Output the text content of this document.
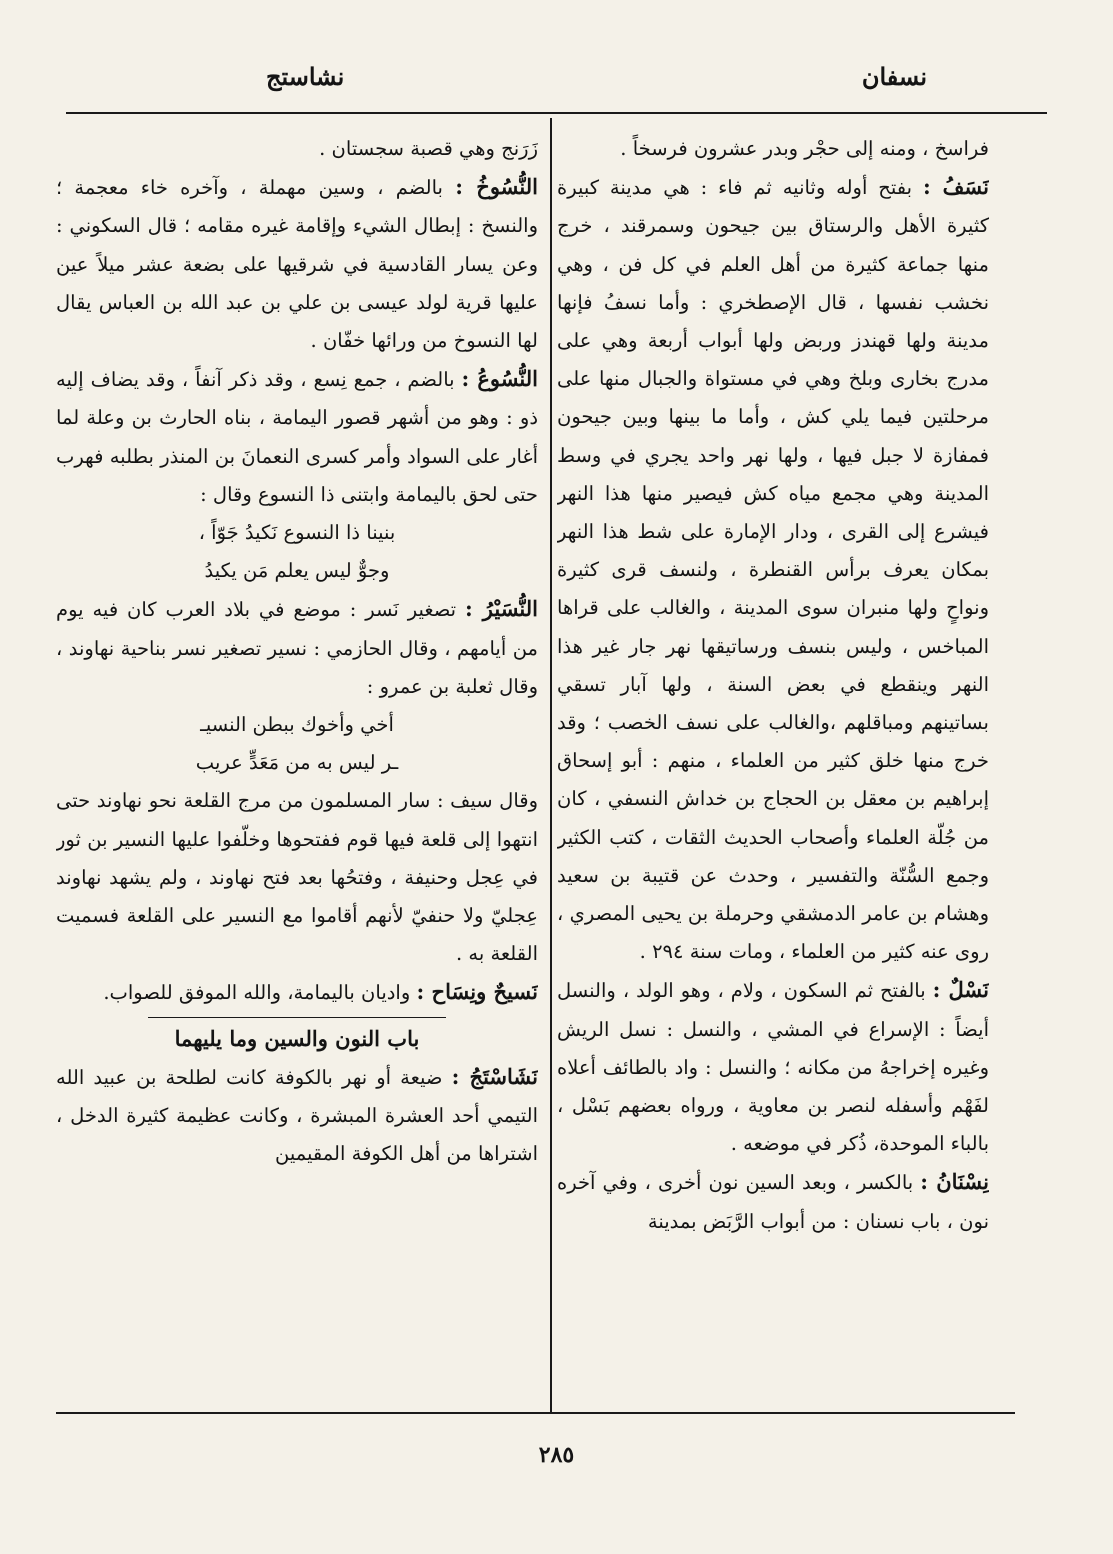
نسفان
نشاستج

فراسخ ، ومنه إلى حجْر وبدر عشرون فرسخاً .

نَسَفُ : بفتح أوله وثانيه ثم فاء : هي مدينة كبيرة كثيرة الأهل والرستاق بين جيحون وسمرقند ، خرج منها جماعة كثيرة من أهل العلم في كل فن ، وهي نخشب نفسها ، قال الإصطخري : وأما نسفُ فإنها مدينة ولها قهندز وربض ولها أبواب أربعة وهي على مدرج بخارى وبلخ وهي في مستواة والجبال منها على مرحلتين فيما يلي كش ، وأما ما بينها وبين جيحون فمفازة لا جبل فيها ، ولها نهر واحد يجري في وسط المدينة وهي مجمع مياه كش فيصير منها هذا النهر فيشرع إلى القرى ، ودار الإمارة على شط هذا النهر بمكان يعرف برأس القنطرة ، ولنسف قرى كثيرة ونواحٍ ولها منبران سوى المدينة ، والغالب على قراها المباخس ، وليس بنسف ورساتيقها نهر جار غير هذا النهر وينقطع في بعض السنة ، ولها آبار تسقي بساتينهم ومباقلهم ،والغالب على نسف الخصب ؛ وقد خرج منها خلق كثير من العلماء ، منهم : أبو إسحاق إبراهيم بن معقل بن الحجاج بن خداش النسفي ، كان من جُلّة العلماء وأصحاب الحديث الثقات ، كتب الكثير وجمع السُّنّة والتفسير ، وحدث عن قتيبة بن سعيد وهشام بن عامر الدمشقي وحرملة بن يحيى المصري ، روى عنه كثير من العلماء ، ومات سنة ٢٩٤ .

نَسْلٌ : بالفتح ثم السكون ، ولام ، وهو الولد ، والنسل أيضاً : الإسراع في المشي ، والنسل : نسل الريش وغيره إخراجهُ من مكانه ؛ والنسل : واد بالطائف أعلاه لفَهْم وأسفله لنصر بن معاوية ، ورواه بعضهم بَسْل ، بالباء الموحدة، ذُكر في موضعه .

نِسْنَانُ : بالكسر ، وبعد السين نون أخرى ، وفي آخره نون ، باب نسنان : من أبواب الرَّبَض بمدينة

زَرَنج وهي قصبة سجستان .

النُّسُوخُ : بالضم ، وسين مهملة ، وآخره خاء معجمة ؛ والنسخ : إبطال الشيء وإقامة غيره مقامه ؛ قال السكوني : وعن يسار القادسية في شرقيها على بضعة عشر ميلاً عين عليها قرية لولد عيسى بن علي بن عبد الله بن العباس يقال لها النسوخ من ورائها خفّان .

النُّسُوعُ : بالضم ، جمع نِسع ، وقد ذكر آنفاً ، وقد يضاف إليه ذو : وهو من أشهر قصور اليمامة ، بناه الحارث بن وعلة لما أغار على السواد وأمر كسرى النعمانَ بن المنذر بطلبه فهرب حتى لحق باليمامة وابتنى ذا النسوع وقال :

بنينا ذا النسوع نَكيدُ جَوّاً ،

وجوٌّ ليس يعلم مَن يكيدُ

النُّسَيْرُ : تصغير نَسر : موضع في بلاد العرب كان فيه يوم من أيامهم ، وقال الحازمي : نسير تصغير نسر بناحية نهاوند ، وقال ثعلبة بن عمرو :

أخي وأخوك ببطن النسيـ

ـر ليس به من مَعَدٍّ عريب

وقال سيف : سار المسلمون من مرج القلعة نحو نهاوند حتى انتهوا إلى قلعة فيها قوم ففتحوها وخلّفوا عليها النسير بن ثور في عِجل وحنيفة ، وفتحُها بعد فتح نهاوند ، ولم يشهد نهاوند عِجليّ ولا حنفيّ لأنهم أقاموا مع النسير على القلعة فسميت القلعة به .

نَسيحٌ ونِسَاح : واديان باليمامة، والله الموفق للصواب.

باب النون والسين وما يليهما

نَشَاسْتَجُ : ضيعة أو نهر بالكوفة كانت لطلحة بن عبيد الله التيمي أحد العشرة المبشرة ، وكانت عظيمة كثيرة الدخل ، اشتراها من أهل الكوفة المقيمين

٢٨٥
